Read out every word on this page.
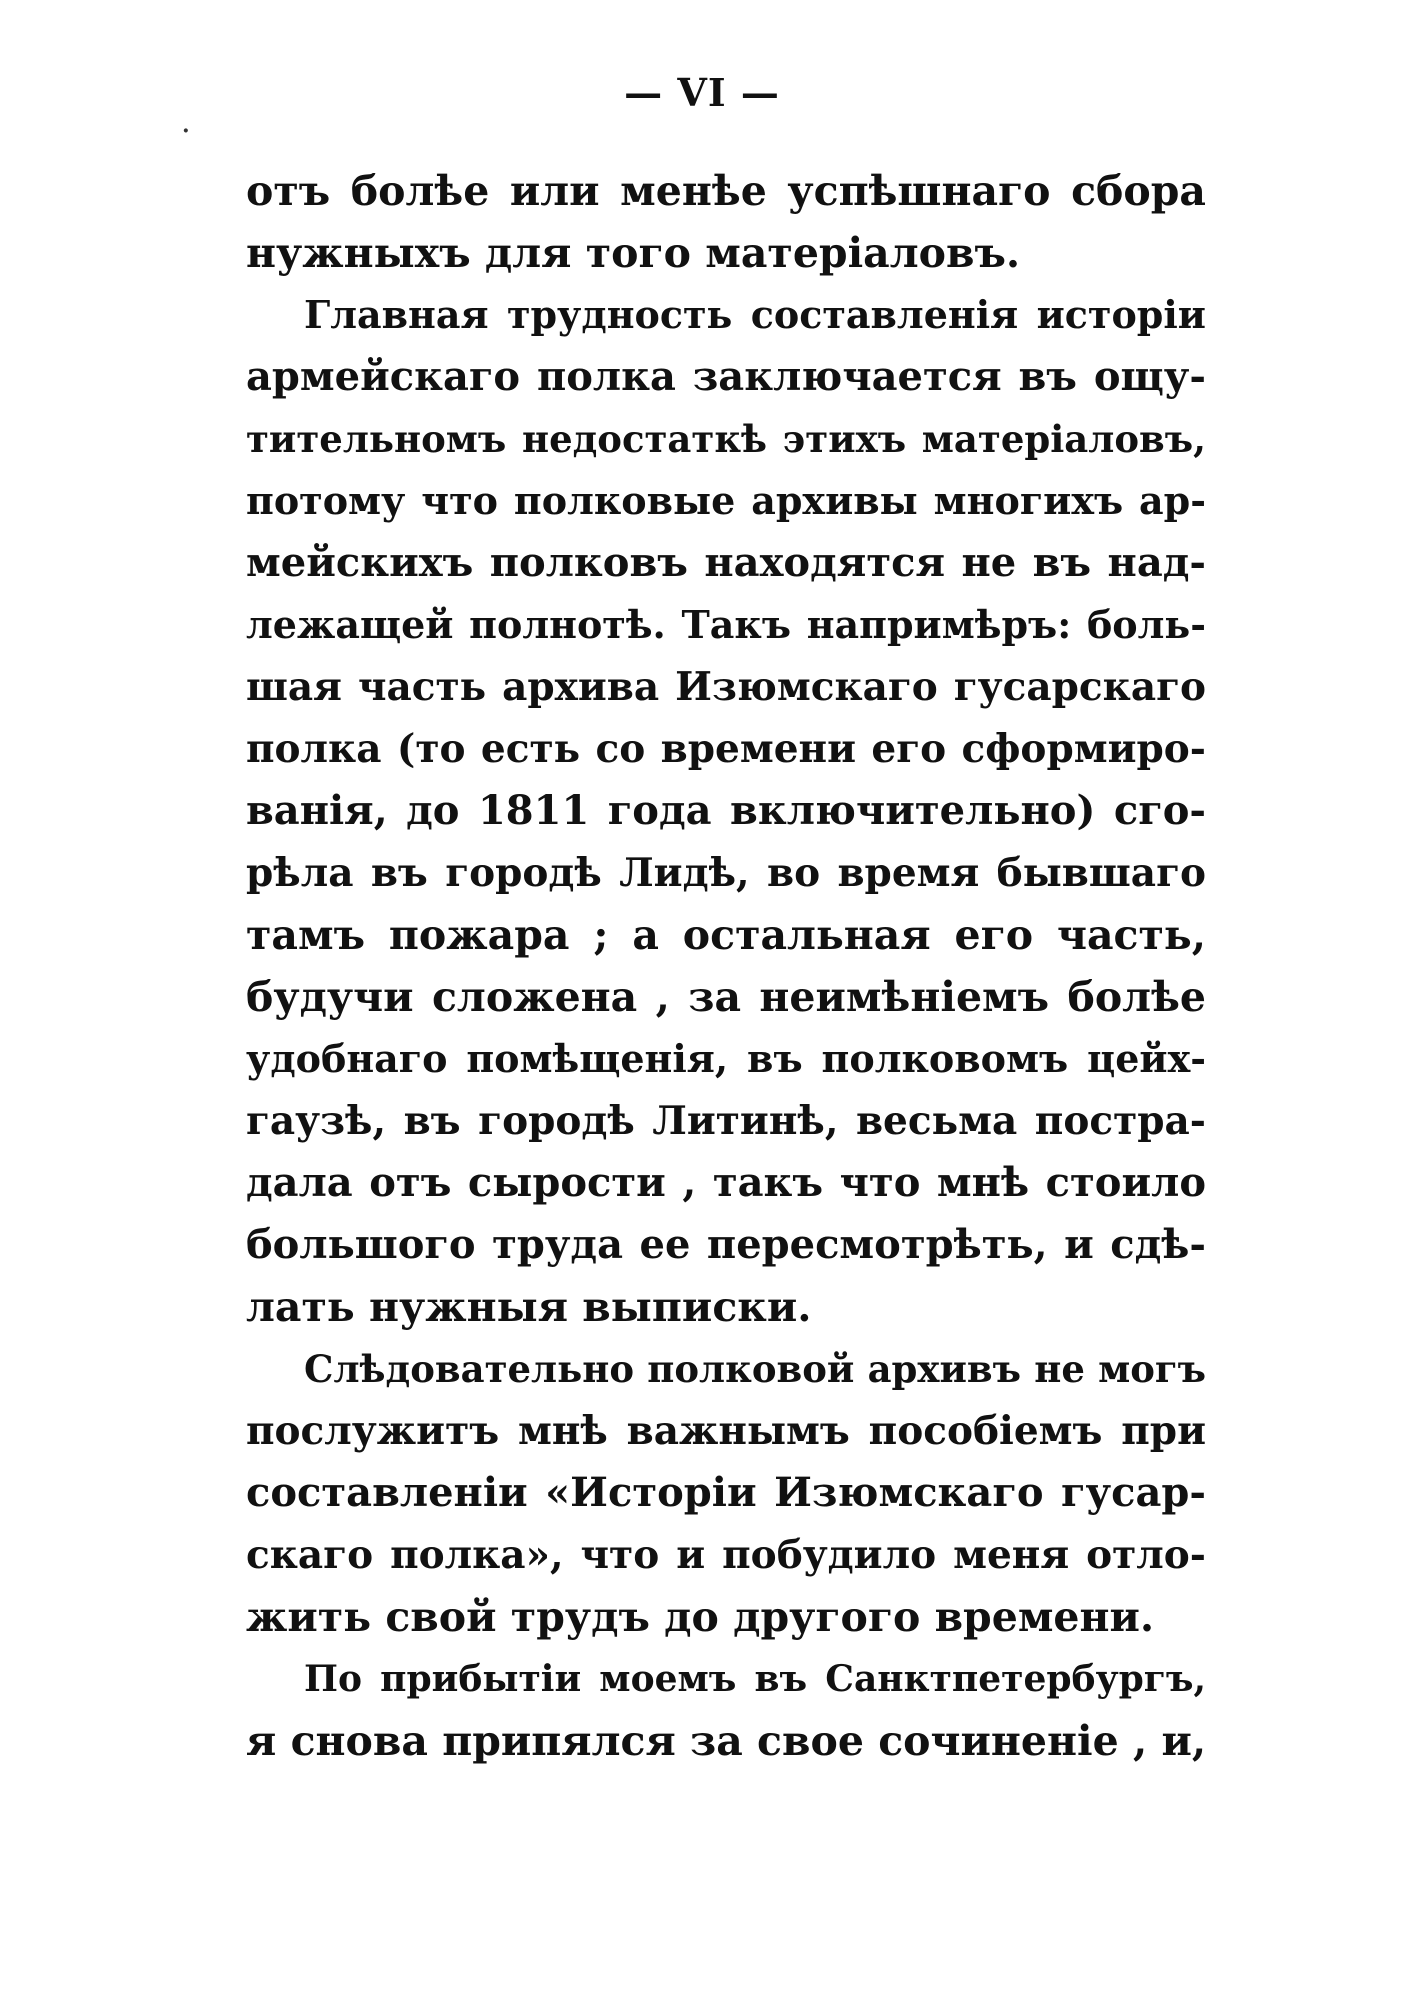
— VI —
·
отъ болѣе или менѣе успѣшнаго сбора
нужныхъ для того матеріаловъ.
Главная трудность составленія исторіи
армейскаго полка заключается въ ощу-
тительномъ недостаткѣ этихъ матеріаловъ,
потому что полковые архивы многихъ ар-
мейскихъ полковъ находятся не въ над-
лежащей полнотѣ. Такъ напримѣръ: боль-
шая часть архива Изюмскаго гусарскаго
полка (то есть со времени его сформиро-
ванія, до 1811 года включительно) сго-
рѣла въ городѣ Лидѣ, во время бывшаго
тамъ пожара ; а остальная его часть,
будучи сложена , за неимѣніемъ болѣе
удобнаго помѣщенія, въ полковомъ цейх-
гаузѣ, въ городѣ Литинѣ, весьма пострa-
дала отъ сырости , такъ что мнѣ стоило
большого труда ее пересмотрѣть, и сдѣ-
лать нужныя выписки.
Слѣдовательно полковой архивъ не могъ
послужитъ мнѣ важнымъ пособіемъ при
составленіи «Исторіи Изюмскаго гусар-
скаго полка», что и побудило меня отло-
жить свой трудъ до другого времени.
По прибытіи моемъ въ Санктпетербургъ,
я снова припялся за свое сочиненіе , и,
